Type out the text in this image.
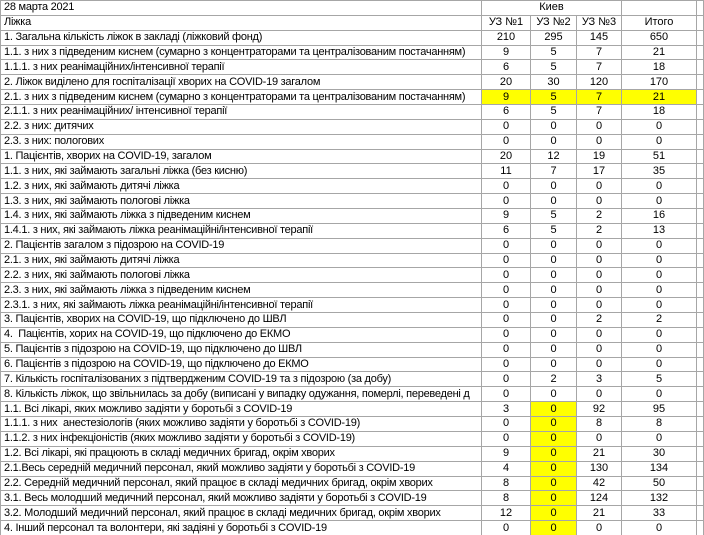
28 марта 2021	Киев				
Ліжка	УЗ №1	УЗ №2	УЗ №3	Итого	
1. Загальна кількість ліжок в закладі (ліжковий фонд)	210	295	145	650	
1.1. з них з підведеним киснем (сумарно з концентраторами та централізованим постачанням)	9	5	7	21	
1.1.1. з них реанімаційних/інтенсивної терапії	6	5	7	18	
2. Ліжок виділено для госпіталізації хворих на COVID-19 загалом	20	30	120	170	
2.1. з них з підведеним киснем (сумарно з концентраторами та централізованим постачанням)	9	5	7	21	
2.1.1. з них реанімаційних/ інтенсивної терапії	6	5	7	18	
2.2. з них: дитячих	0	0	0	0	
2.3. з них: пологових	0	0	0	0	
1. Пацієнтів, хворих на COVID-19, загалом	20	12	19	51	
1.1. з них, які займають загальні ліжка (без кисню)	11	7	17	35	
1.2. з них, які займають дитячі ліжка	0	0	0	0	
1.3. з них, які займають пологові ліжка	0	0	0	0	
1.4. з них, які займають ліжка з підведеним киснем	9	5	2	16	
1.4.1. з них, які займають ліжка реанімаційні/інтенсивної терапії	6	5	2	13	
2. Пацієнтів загалом з підозрою на COVID-19	0	0	0	0	
2.1. з них, які займають дитячі ліжка	0	0	0	0	
2.2. з них, які займають пологові ліжка	0	0	0	0	
2.3. з них, які займають ліжка з підведеним киснем	0	0	0	0	
2.3.1. з них, які займають ліжка реанімаційні/інтенсивної терапії	0	0	0	0	
3. Пацієнтів, хворих на COVID-19, що підключено до ШВЛ	0	0	2	2	
4.  Пацієнтів, хорих на COVID-19, що підключено до ЕКМО	0	0	0	0	
5. Пацієнтів з підозрою на COVID-19, що підключено до ШВЛ	0	0	0	0	
6. Пацієнтів з підозрою на COVID-19, що підключено до ЕКМО	0	0	0	0	
7. Кількість госпіталізованих з підтвердженим COVID-19 та з підозрою (за добу)	0	2	3	5	
8. Кількість ліжок, що звільнилась за добу (виписані у випадку одужання, померлі, переведені д	0	0	0	0	
1.1. Всі лікарі, яких можливо задіяти у боротьбі з COVID-19	3	0	92	95	
1.1.1. з них  анестезіологів (яких можливо задіяти у боротьбі з COVID-19)	0	0	8	8	
1.1.2. з них інфекціоністів (яких можливо задіяти у боротьбі з COVID-19)	0	0	0	0	
1.2. Всі лікарі, які працюють в складі медичних бригад, окрім хворих	9	0	21	30	
2.1.Весь середній медичний персонал, який можливо задіяти у боротьбі з COVID-19	4	0	130	134	
2.2. Середній медичний персонал, який працює в складі медичних бригад, окрім хворих	8	0	42	50	
3.1. Весь молодший медичний персонал, який можливо задіяти у боротьбі з COVID-19	8	0	124	132	
3.2. Молодший медичний персонал, який працює в складі медичних бригад, окрім хворих	12	0	21	33	
4. Інший персонал та волонтери, які задіяні у боротьбі з COVID-19	0	0	0	0	
